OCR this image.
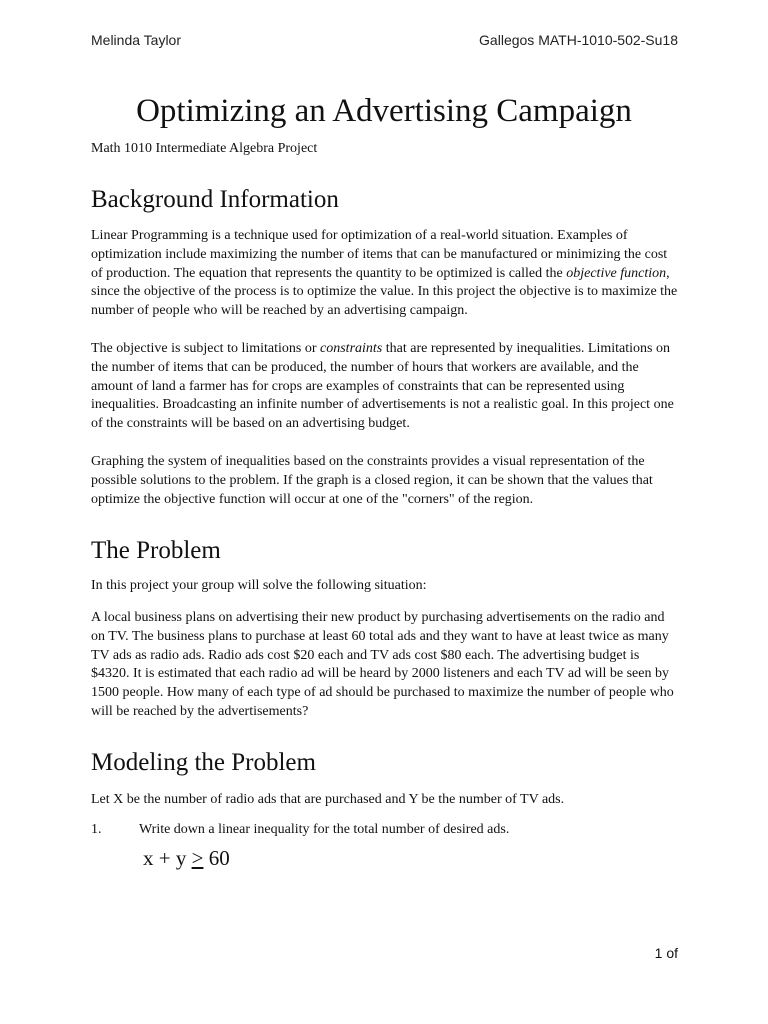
Melinda Taylor	Gallegos MATH-1010-502-Su18
Optimizing an Advertising Campaign
Math 1010 Intermediate Algebra Project
Background Information

Linear Programming is a technique used for optimization of a real-world situation. Examples of optimization include maximizing the number of items that can be manufactured or minimizing the cost of production. The equation that represents the quantity to be optimized is called the objective function, since the objective of the process is to optimize the value. In this project the objective is to maximize the number of people who will be reached by an advertising campaign.

The objective is subject to limitations or constraints that are represented by inequalities. Limitations on the number of items that can be produced, the number of hours that workers are available, and the amount of land a farmer has for crops are examples of constraints that can be represented using inequalities. Broadcasting an infinite number of advertisements is not a realistic goal. In this project one of the constraints will be based on an advertising budget.

Graphing the system of inequalities based on the constraints provides a visual representation of the possible solutions to the problem. If the graph is a closed region, it can be shown that the values that optimize the objective function will occur at one of the "corners" of the region.

The Problem

In this project your group will solve the following situation:

A local business plans on advertising their new product by purchasing advertisements on the radio and on TV. The business plans to purchase at least 60 total ads and they want to have at least twice as many TV ads as radio ads. Radio ads cost $20 each and TV ads cost $80 each. The advertising budget is $4320. It is estimated that each radio ad will be heard by 2000 listeners and each TV ad will be seen by 1500 people. How many of each type of ad should be purchased to maximize the number of people who will be reached by the advertisements?

Modeling the Problem

Let X be the number of radio ads that are purchased and Y be the number of TV ads.

1.	Write down a linear inequality for the total number of desired ads.
x + y ≥ 60
1 of
